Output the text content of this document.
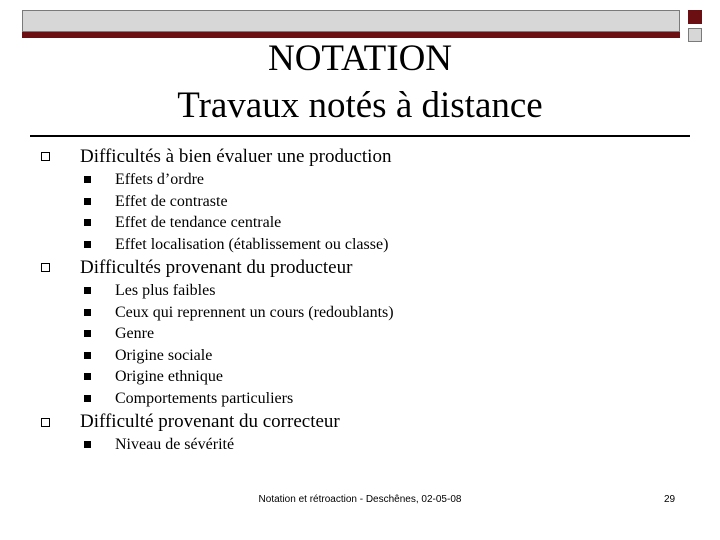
NOTATION
Travaux notés à distance
Difficultés à bien évaluer une production
Effets d’ordre
Effet de contraste
Effet de tendance centrale
Effet localisation (établissement ou classe)
Difficultés provenant du producteur
Les plus faibles
Ceux qui reprennent un cours (redoublants)
Genre
Origine sociale
Origine ethnique
Comportements particuliers
Difficulté provenant du correcteur
Niveau de sévérité
Notation et rétroaction - Deschênes, 02-05-08	29
